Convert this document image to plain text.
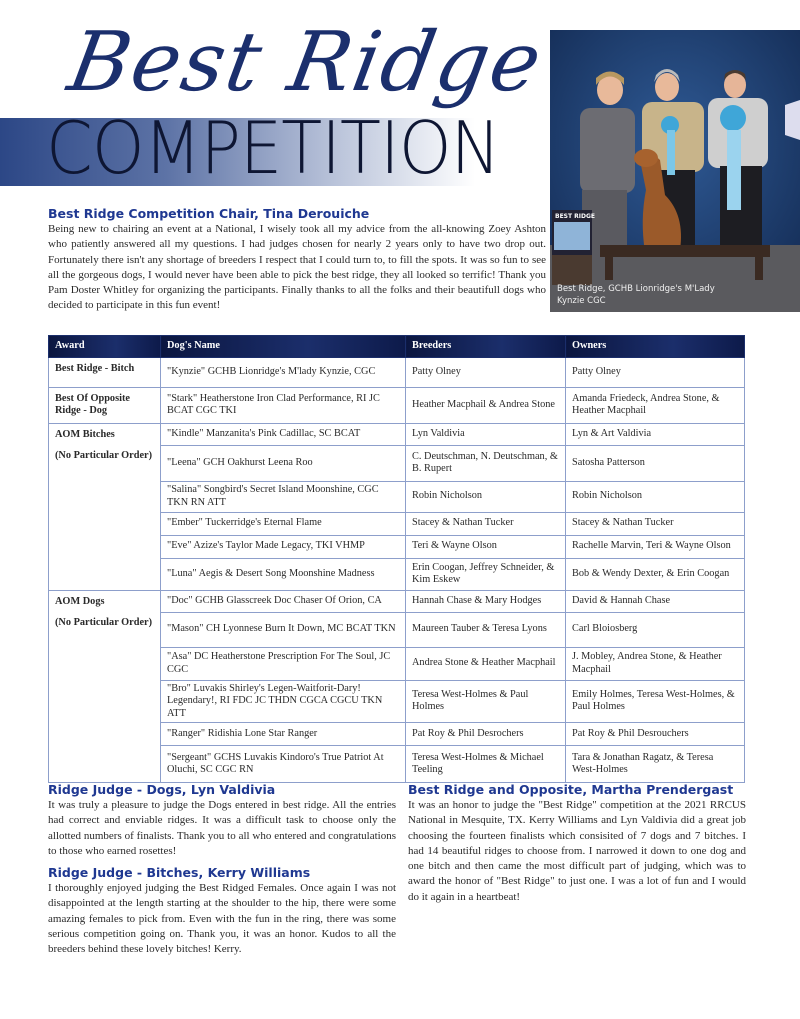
Best Ridge
COMPETITION
BEST RIDGE
Best Ridge, GCHB Lionridge's M'Lady Kynzie CGC
Best Ridge Competition Chair, Tina Derouiche

Being new to chairing an event at a National, I wisely took all my advice from the all-knowing Zoey Ashton who patiently answered all my questions. I had judges chosen for nearly 2 years only to have two drop out. Fortunately there isn't any shortage of breeders I respect that I could turn to, to fill the spots. It was so fun to see all the gorgeous dogs, I would never have been able to pick the best ridge, they all looked so terrific! Thank you Pam Doster Whitley for organizing the participants. Finally thanks to all the folks and their beautifull dogs who decided to participate in this fun event!

Award	Dog's Name	Breeders	Owners

Best Ridge - Bitch	"Kynzie" GCHB Lionridge's M'lady Kynzie, CGC	Patty Olney	Patty Olney

Best Of Opposite Ridge - Dog	"Stark" Heatherstone Iron Clad Performance, RI JC BCAT CGC TKI	Heather Macphail & Andrea Stone	Amanda Friedeck, Andrea Stone, & Heather Macphail

AOM Bitches
(No Particular Order)	"Kindle" Manzanita's Pink Cadillac, SC BCAT	Lyn Valdivia	Lyn & Art Valdivia
	"Leena" GCH Oakhurst Leena Roo	C. Deutschman, N. Deutschman, & B. Rupert	Satosha Patterson
	"Salina" Songbird's Secret Island Moonshine, CGC TKN RN ATT	Robin Nicholson	Robin Nicholson
	"Ember" Tuckerridge's Eternal Flame	Stacey & Nathan Tucker	Stacey & Nathan Tucker
	"Eve" Azize's Taylor Made Legacy, TKI VHMP	Teri & Wayne Olson	Rachelle Marvin, Teri & Wayne Olson
	"Luna" Aegis & Desert Song Moonshine Madness	Erin Coogan, Jeffrey Schneider, & Kim Eskew	Bob & Wendy Dexter, & Erin Coogan

AOM Dogs
(No Particular Order)	"Doc" GCHB Glasscreek Doc Chaser Of Orion, CA	Hannah Chase & Mary Hodges	David & Hannah Chase
	"Mason" CH Lyonnese Burn It Down, MC BCAT TKN	Maureen Tauber & Teresa Lyons	Carl Bloiosberg
	"Asa" DC Heatherstone Prescription For The Soul, JC CGC	Andrea Stone & Heather Macphail	J. Mobley, Andrea Stone, & Heather Macphail
	"Bro" Luvakis Shirley's Legen-Waitforit-Dary! Legendary!, RI FDC JC THDN CGCA CGCU TKN ATT	Teresa West-Holmes & Paul Holmes	Emily Holmes, Teresa West-Holmes, & Paul Holmes
	"Ranger" Ridishia Lone Star Ranger	Pat Roy & Phil Desrochers	Pat Roy & Phil Desrouchers
	"Sergeant" GCHS Luvakis Kindoro's True Patriot At Oluchi, SC CGC RN	Teresa West-Holmes & Michael Teeling	Tara & Jonathan Ragatz, & Teresa West-Holmes
Ridge Judge - Dogs, Lyn Valdivia

It was truly a pleasure to judge the Dogs entered in best ridge. All the entries had correct and enviable ridges. It was a difficult task to choose only the allotted numbers of finalists. Thank you to all who entered and congratulations to those who earned rosettes!

Ridge Judge - Bitches, Kerry Williams

I thoroughly enjoyed judging the Best Ridged Females. Once again I was not disappointed at the length starting at the shoulder to the hip, there were some amazing females to pick from. Even with the fun in the ring, there was some serious competition going on. Thank you, it was an honor. Kudos to all the breeders behind these lovely bitches! Kerry.

Best Ridge and Opposite, Martha Prendergast

It was an honor to judge the "Best Ridge" competition at the 2021 RRCUS National in Mesquite, TX. Kerry Williams and Lyn Valdivia did a great job choosing the fourteen finalists which consisited of 7 dogs and 7 bitches. I had 14 beautiful ridges to choose from. I narrowed it down to one dog and one bitch and then came the most difficult part of judging, which was to award the honor of "Best Ridge" to just one. I was a lot of fun and I would do it again in a heartbeat!
